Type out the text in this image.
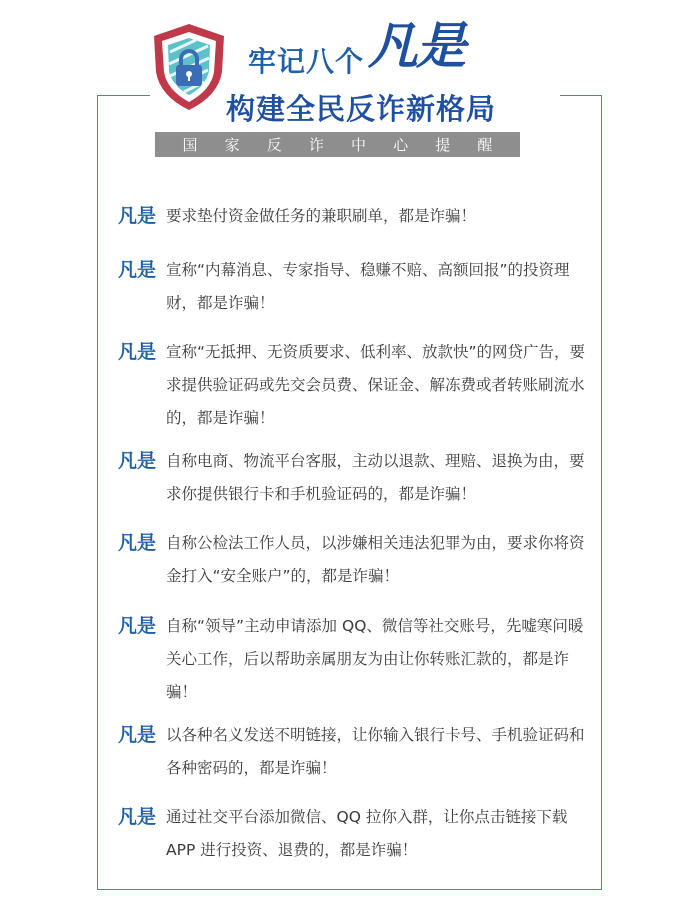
牢记八个 凡是
构建全民反诈新格局
国 家 反 诈 中 心 提 醒
凡是 要求垫付资金做任务的兼职刷单，都是诈骗！
凡是 宣称“内幕消息、专家指导、稳赚不赔、高额回报”的投资理财，都是诈骗！
凡是 宣称“无抵押、无资质要求、低利率、放款快”的网贷广告，要求提供验证码或先交会员费、保证金、解冻费或者转账刷流水的，都是诈骗！
凡是 自称电商、物流平台客服，主动以退款、理赔、退换为由，要求你提供银行卡和手机验证码的，都是诈骗！
凡是 自称公检法工作人员，以涉嫌相关违法犯罪为由，要求你将资金打入“安全账户”的，都是诈骗！
凡是 自称“领导”主动申请添加 QQ、微信等社交账号，先嘘寒问暖关心工作，后以帮助亲属朋友为由让你转账汇款的，都是诈骗！
凡是 以各种名义发送不明链接，让你输入银行卡号、手机验证码和各种密码的，都是诈骗！
凡是 通过社交平台添加微信、QQ 拉你入群，让你点击链接下载 APP 进行投资、退费的，都是诈骗！
